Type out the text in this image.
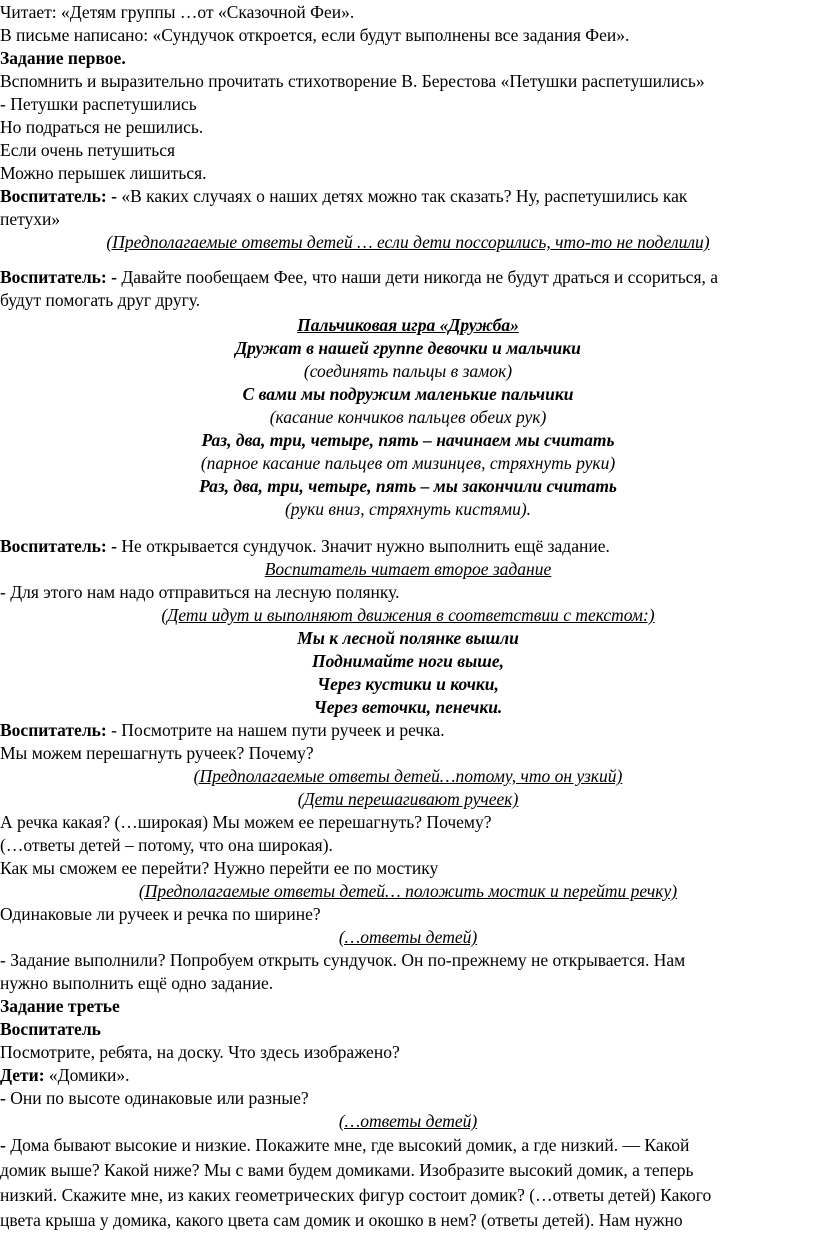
Читает: «Детям группы …от «Сказочной Феи».
В письме написано: «Сундучок откроется, если будут выполнены все задания Феи».
Задание первое.
Вспомнить и выразительно прочитать стихотворение В. Берестова «Петушки распетушились»
- Петушки распетушились
Но подраться не решились.
Если очень петушиться
Можно перышек лишиться.
Воспитатель: - «В каких случаях о наших детях можно так сказать? Ну, распетушились как
петухи»
(Предполагаемые ответы детей … если дети поссорились, что-то не поделили)
Воспитатель: - Давайте пообещаем Фее, что наши дети никогда не будут драться и ссориться, а
будут помогать друг другу.
Пальчиковая игра «Дружба»
Дружат в нашей группе девочки и мальчики
(соединять пальцы в замок)
С вами мы подружим маленькие пальчики
(касание кончиков пальцев обеих рук)
Раз, два, три, четыре, пять – начинаем мы считать
(парное касание пальцев от мизинцев, стряхнуть руки)
Раз, два, три, четыре, пять – мы закончили считать
(руки вниз, стряхнуть кистями).
Воспитатель: - Не открывается сундучок. Значит нужно выполнить ещё задание.
Воспитатель читает второе задание
- Для этого нам надо отправиться на лесную полянку.
(Дети идут и выполняют движения в соответствии с текстом:)
Мы к лесной полянке вышли
Поднимайте ноги выше,
Через кустики и кочки,
Через веточки, пенечки.
Воспитатель: - Посмотрите на нашем пути ручеек и речка.
Мы можем перешагнуть ручеек? Почему?
(Предполагаемые ответы детей…потому, что он узкий)
(Дети перешагивают ручеек)
А речка какая? (…широкая) Мы можем ее перешагнуть? Почему?
(…ответы детей – потому, что она широкая).
Как мы сможем ее перейти? Нужно перейти ее по мостику
(Предполагаемые ответы детей… положить мостик и перейти речку)
Одинаковые ли ручеек и речка по ширине?
(…ответы детей)
- Задание выполнили? Попробуем открыть сундучок. Он по-прежнему не открывается. Нам
нужно выполнить ещё одно задание.
Задание третье
Воспитатель
Посмотрите, ребята, на доску. Что здесь изображено?
Дети: «Домики».
- Они по высоте одинаковые или разные?
(…ответы детей)
- Дома бывают высокие и низкие. Покажите мне, где высокий домик, а где низкий. — Какой
домик выше? Какой ниже? Мы с вами будем домиками. Изобразите высокий домик, а теперь
низкий. Скажите мне, из каких геометрических фигур состоит домик? (…ответы детей) Какого
цвета крыша у домика, какого цвета сам домик и окошко в нем? (ответы детей). Нам нужно
